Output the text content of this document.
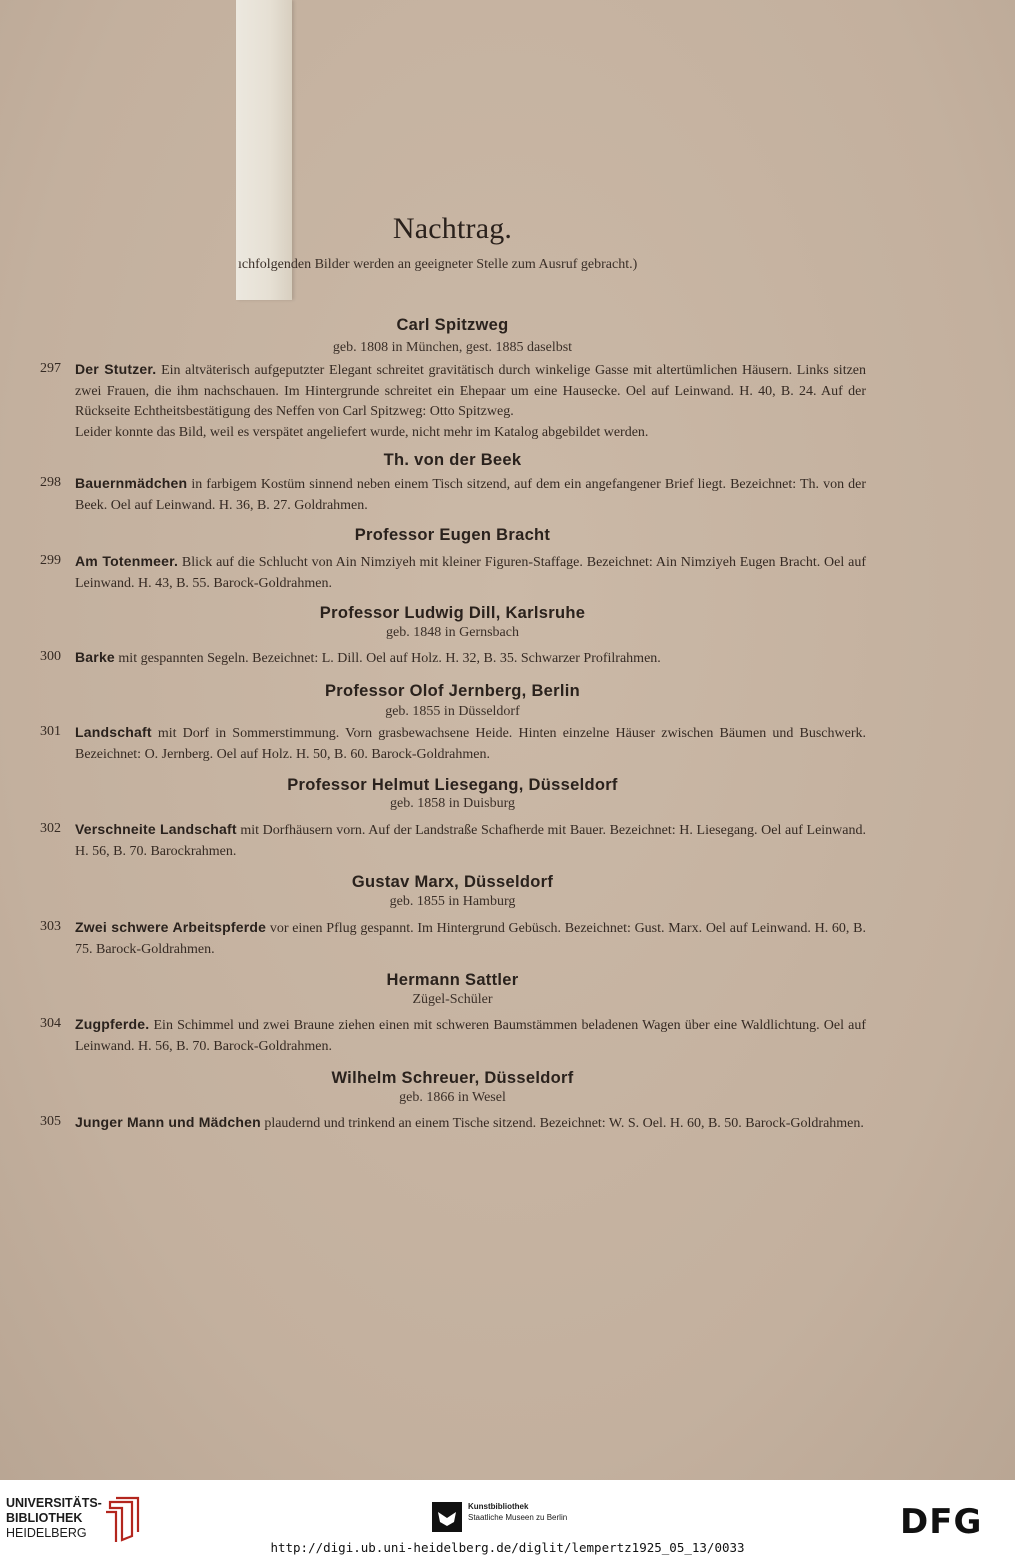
Nachtrag.
ıchfolgenden Bilder werden an geeigneter Stelle zum Ausruf gebracht.)
Carl Spitzweg
geb. 1808 in München, gest. 1885 daselbst
297	Der Stutzer. Ein altväterisch aufgeputzter Elegant schreitet gravitätisch durch winkelige Gasse mit altertümlichen Häusern. Links sitzen zwei Frauen, die ihm nachschauen. Im Hintergrunde schreitet ein Ehepaar um eine Hausecke. Oel auf Leinwand. H. 40, B. 24. Auf der Rückseite Echtheitsbestätigung des Neffen von Carl Spitzweg: Otto Spitzweg.

Leider konnte das Bild, weil es verspätet angeliefert wurde, nicht mehr im Katalog abgebildet werden.

Th. von der Beek
298	Bauernmädchen in farbigem Kostüm sinnend neben einem Tisch sitzend, auf dem ein angefangener Brief liegt. Bezeichnet: Th. von der Beek. Oel auf Leinwand. H. 36, B. 27. Goldrahmen.

Professor Eugen Bracht
299	Am Totenmeer. Blick auf die Schlucht von Ain Nimziyeh mit kleiner Figuren-Staffage. Bezeichnet: Ain Nimziyeh Eugen Bracht. Oel auf Leinwand. H. 43, B. 55. Barock-Goldrahmen.

Professor Ludwig Dill, Karlsruhe
geb. 1848 in Gernsbach
300	Barke mit gespannten Segeln. Bezeichnet: L. Dill. Oel auf Holz. H. 32, B. 35. Schwarzer Profilrahmen.

Professor Olof Jernberg, Berlin
geb. 1855 in Düsseldorf
301	Landschaft mit Dorf in Sommerstimmung. Vorn grasbewachsene Heide. Hinten einzelne Häuser zwischen Bäumen und Buschwerk. Bezeichnet: O. Jernberg. Oel auf Holz. H. 50, B. 60. Barock-Goldrahmen.

Professor Helmut Liesegang, Düsseldorf
geb. 1858 in Duisburg
302	Verschneite Landschaft mit Dorfhäusern vorn. Auf der Landstraße Schafherde mit Bauer. Bezeichnet: H. Liesegang. Oel auf Leinwand. H. 56, B. 70. Barockrahmen.

Gustav Marx, Düsseldorf
geb. 1855 in Hamburg
303	Zwei schwere Arbeitspferde vor einen Pflug gespannt. Im Hintergrund Gebüsch. Bezeichnet: Gust. Marx. Oel auf Leinwand. H. 60, B. 75. Barock-Goldrahmen.

Hermann Sattler
Zügel-Schüler
304	Zugpferde. Ein Schimmel und zwei Braune ziehen einen mit schweren Baumstämmen beladenen Wagen über eine Waldlichtung. Oel auf Leinwand. H. 56, B. 70. Barock-Goldrahmen.

Wilhelm Schreuer, Düsseldorf
geb. 1866 in Wesel
305	Junger Mann und Mädchen plaudernd und trinkend an einem Tische sitzend. Bezeichnet: W. S. Oel. H. 60, B. 50. Barock-Goldrahmen.

UNIVERSITÄTS-
BIBLIOTHEK
HEIDELBERG
Kunstbibliothek
Staatliche Museen zu Berlin	DFG
http://digi.ub.uni-heidelberg.de/diglit/lempertz1925_05_13/0033
